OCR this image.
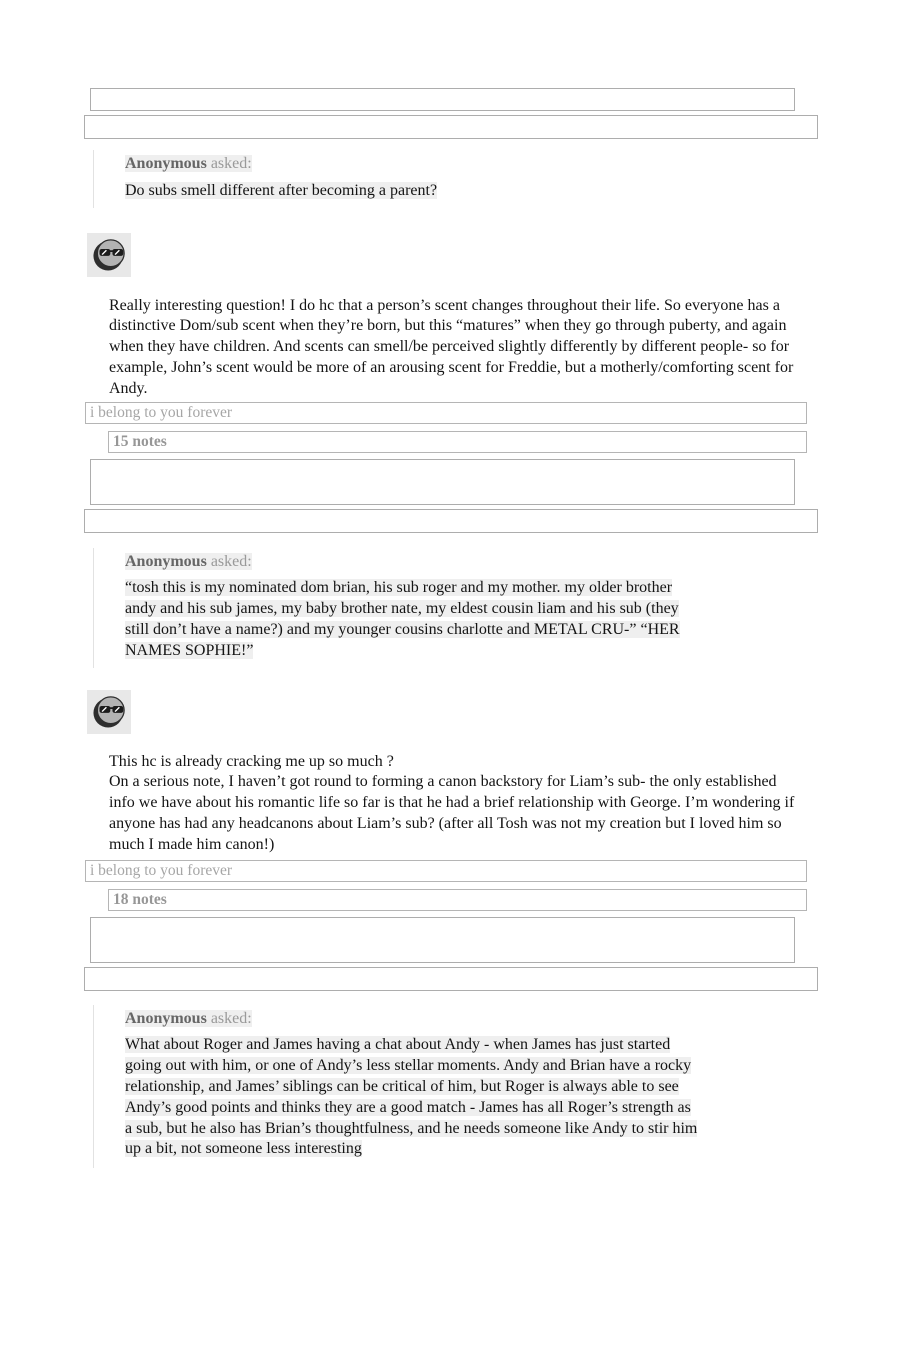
Anonymous asked:
Do subs smell different after becoming a parent?

Really interesting question! I do hc that a person’s scent changes throughout their life. So everyone has a distinctive Dom/sub scent when they’re born, but this “matures” when they go through puberty, and again when they have children. And scents can smell/be perceived slightly differently by different people- so for example, John’s scent would be more of an arousing scent for Freddie, but a motherly/comforting scent for Andy.

i belong to you forever
15 notes
Anonymous asked:
“tosh this is my nominated dom brian, his sub roger and my mother. my older brother andy and his sub james, my baby brother nate, my eldest cousin liam and his sub (they still don’t have a name?) and my younger cousins charlotte and METAL CRU-” “HER NAMES SOPHIE!”

This hc is already cracking me up so much ?

On a serious note, I haven’t got round to forming a canon backstory for Liam’s sub- the only established info we have about his romantic life so far is that he had a brief relationship with George. I’m wondering if anyone has had any headcanons about Liam’s sub? (after all Tosh was not my creation but I loved him so much I made him canon!)

i belong to you forever
18 notes
Anonymous asked:
What about Roger and James having a chat about Andy - when James has just started going out with him, or one of Andy’s less stellar moments. Andy and Brian have a rocky relationship, and James’ siblings can be critical of him, but Roger is always able to see Andy’s good points and thinks they are a good match - James has all Roger’s strength as a sub, but he also has Brian’s thoughtfulness, and he needs someone like Andy to stir him up a bit, not someone less interesting
